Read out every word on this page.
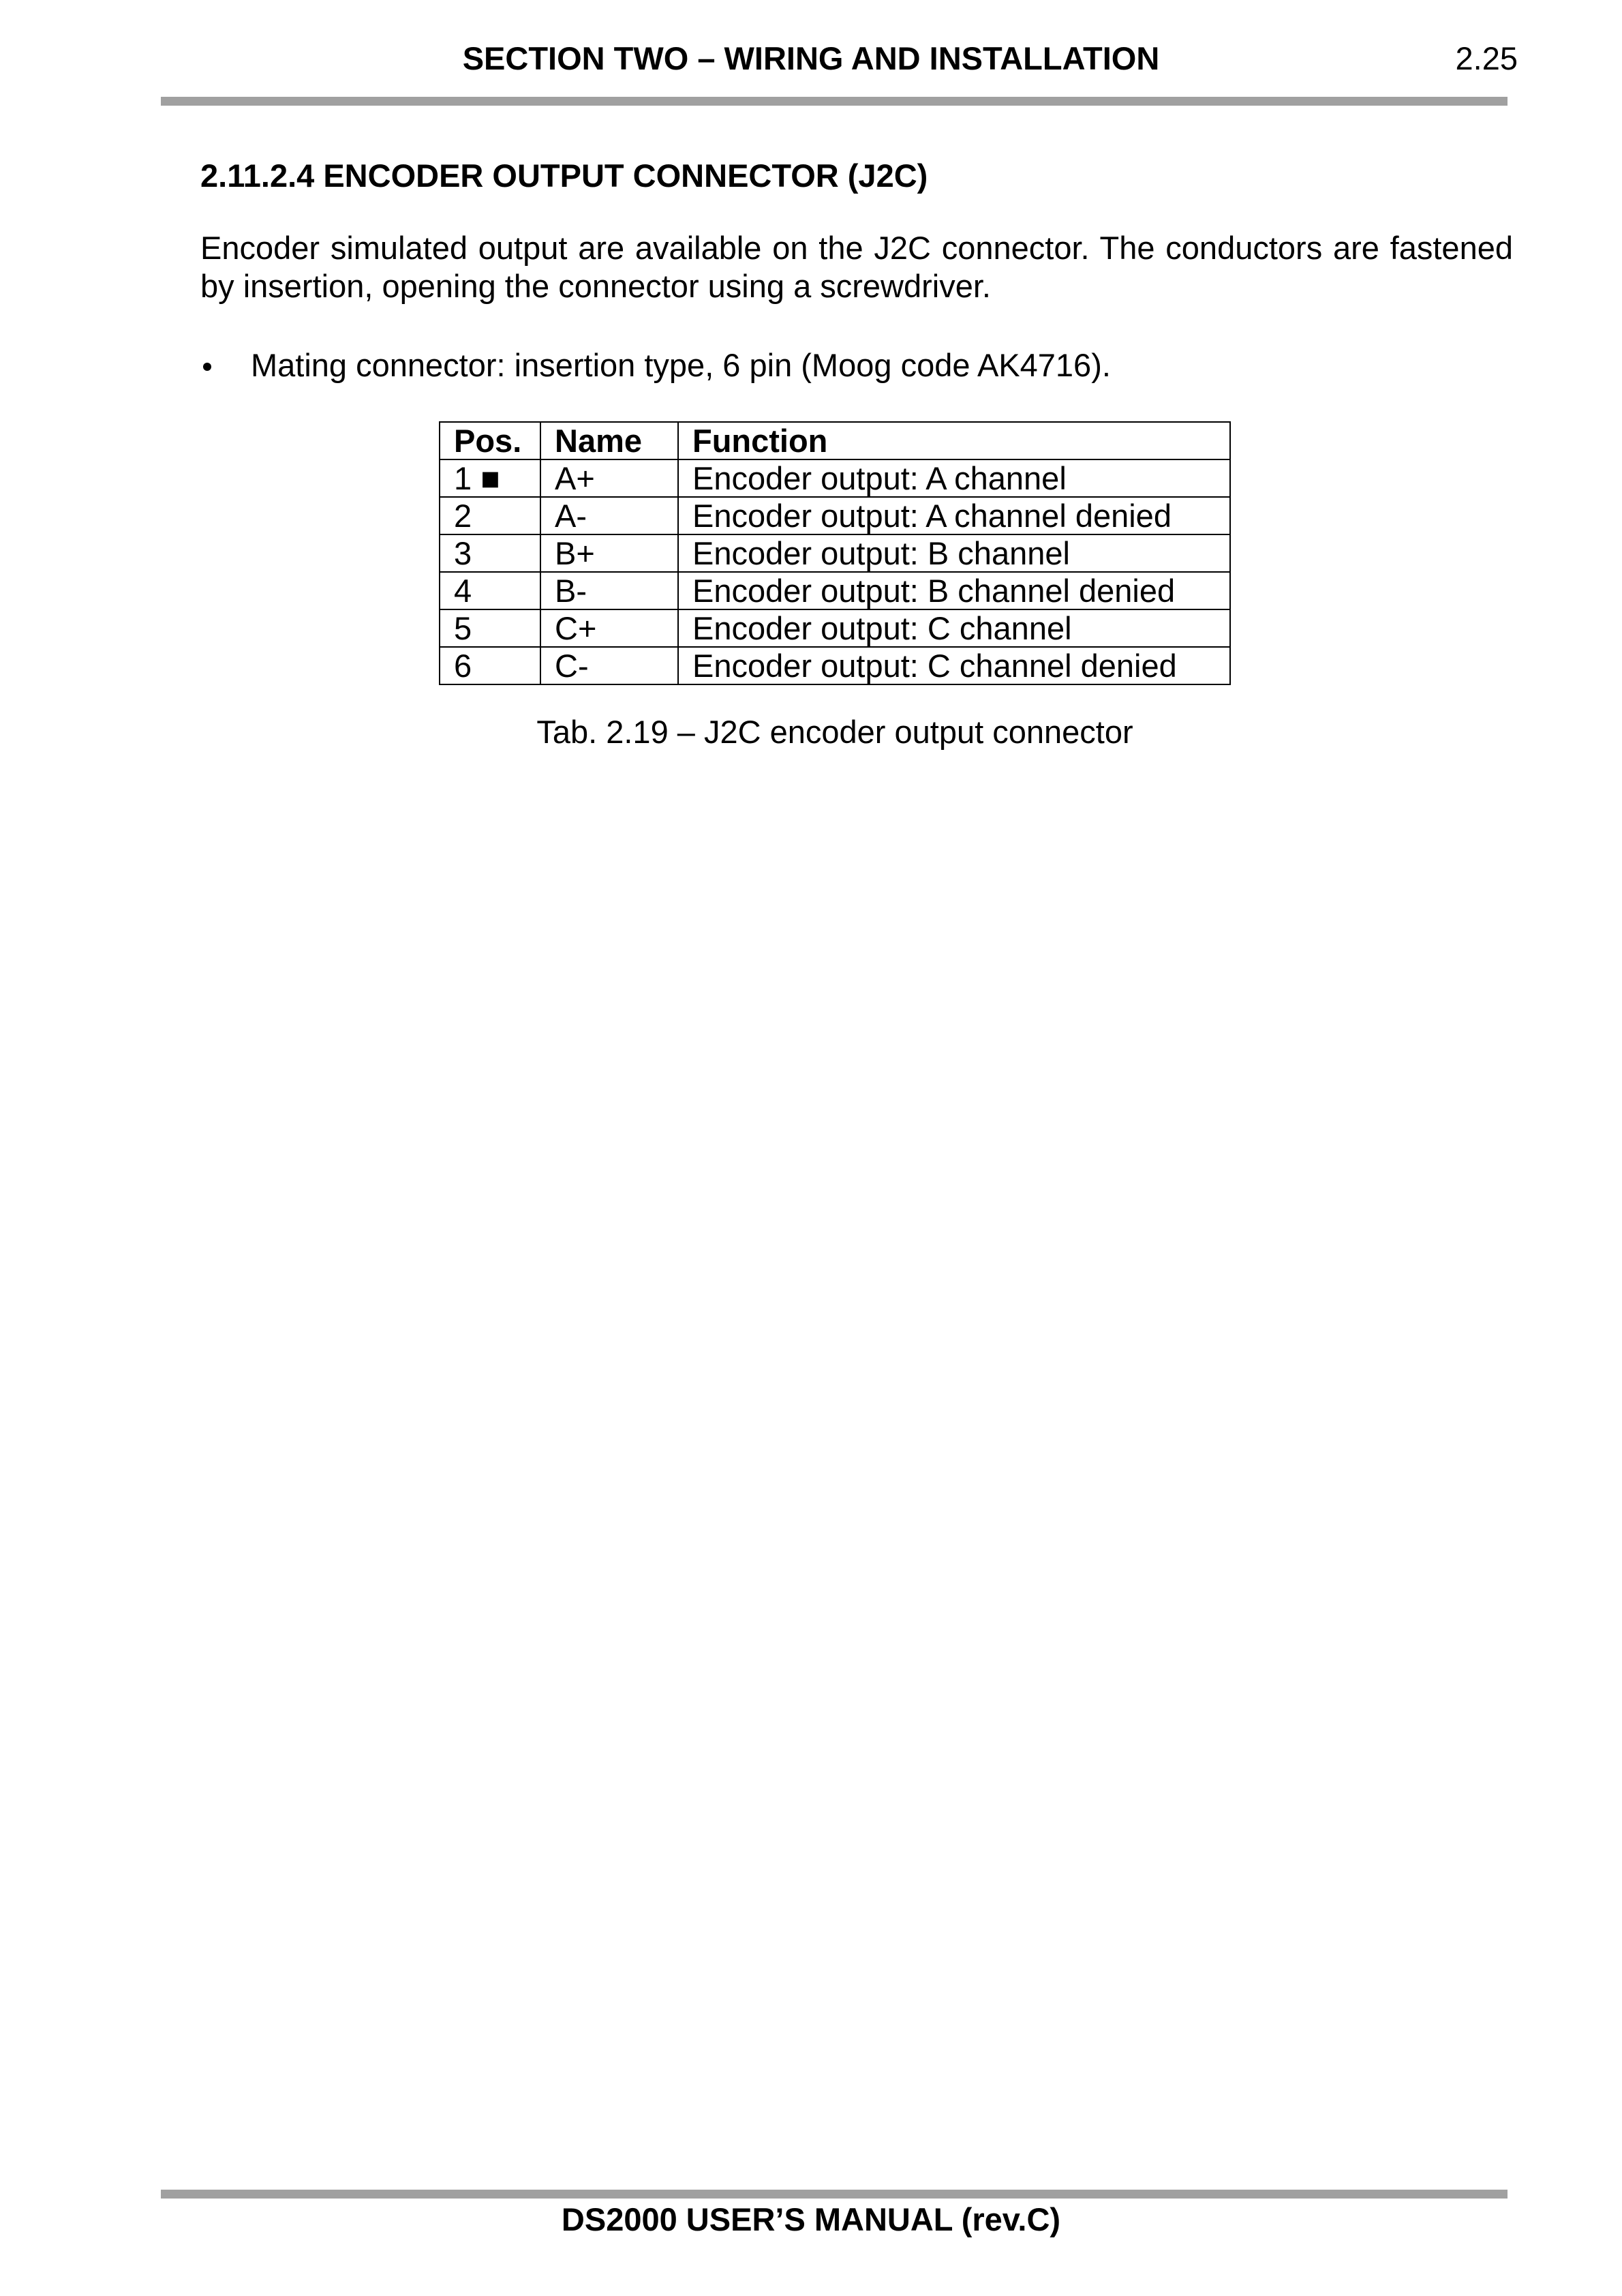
SECTION TWO – WIRING AND INSTALLATION	2.25
2.11.2.4 ENCODER OUTPUT CONNECTOR (J2C)

Encoder simulated output are available on the J2C connector. The conductors are fastened by insertion, opening the connector using a screwdriver.

Mating connector: insertion type, 6 pin (Moog code AK4716).
Pos.	Name	Function
1 ■	A+	Encoder output: A channel
2	A-	Encoder output: A channel denied
3	B+	Encoder output: B channel
4	B-	Encoder output: B channel denied
5	C+	Encoder output: C channel
6	C-	Encoder output: C channel denied
Tab. 2.19 – J2C encoder output connector
DS2000 USER’S MANUAL (rev.C)
